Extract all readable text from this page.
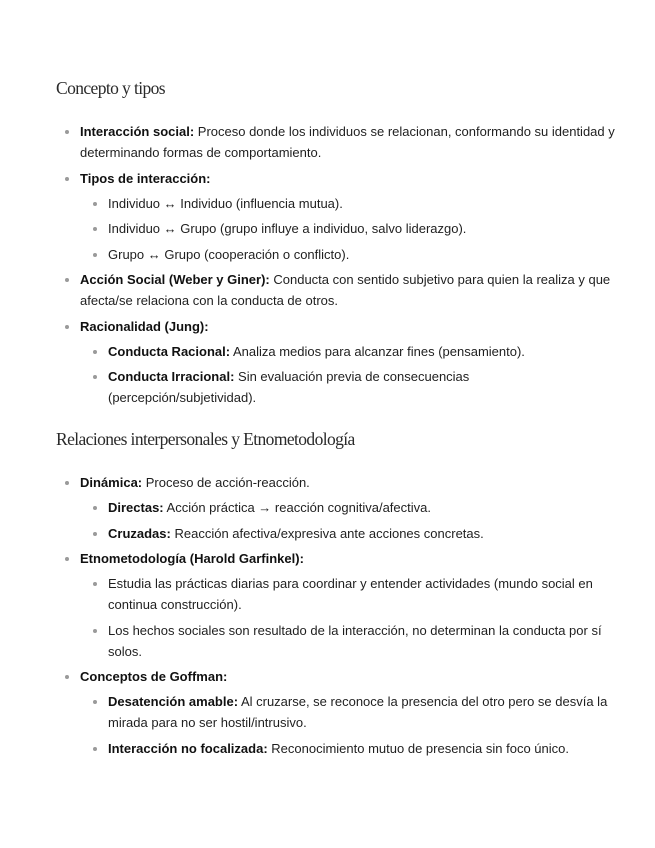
Concepto y tipos
Interacción social: Proceso donde los individuos se relacionan, conformando su identidad y determinando formas de comportamiento.
Tipos de interacción:
Individuo ↔ Individuo (influencia mutua).
Individuo ↔ Grupo (grupo influye a individuo, salvo liderazgo).
Grupo ↔ Grupo (cooperación o conflicto).
Acción Social (Weber y Giner): Conducta con sentido subjetivo para quien la realiza y que afecta/se relaciona con la conducta de otros.
Racionalidad (Jung):
Conducta Racional: Analiza medios para alcanzar fines (pensamiento).
Conducta Irracional: Sin evaluación previa de consecuencias (percepción/subjetividad).
Relaciones interpersonales y Etnometodología
Dinámica: Proceso de acción-reacción.
Directas: Acción práctica → reacción cognitiva/afectiva.
Cruzadas: Reacción afectiva/expresiva ante acciones concretas.
Etnometodología (Harold Garfinkel):
Estudia las prácticas diarias para coordinar y entender actividades (mundo social en continua construcción).
Los hechos sociales son resultado de la interacción, no determinan la conducta por sí solos.
Conceptos de Goffman:
Desatención amable: Al cruzarse, se reconoce la presencia del otro pero se desvía la mirada para no ser hostil/intrusivo.
Interacción no focalizada: Reconocimiento mutuo de presencia sin foco único.
